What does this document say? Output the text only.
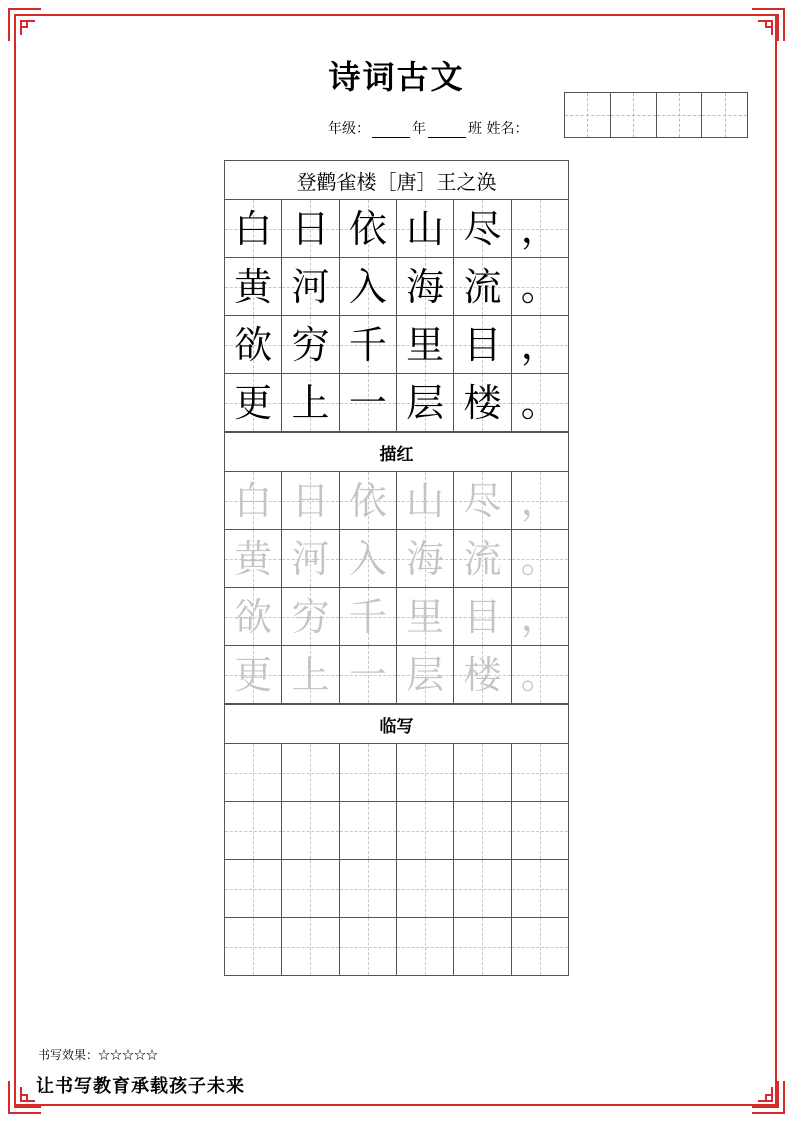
诗词古文
年级：	年	班 姓名：
登鹳雀楼［唐］王之涣
白 日 依 山 尽 ，
黄 河 入 海 流 。
欲 穷 千 里 目 ，
更 上 一 层 楼 。
描红
白 日 依 山 尽 ，
黄 河 入 海 流 。
欲 穷 千 里 目 ，
更 上 一 层 楼 。
临写
书写效果：☆☆☆☆☆
让书写教育承载孩子未来
